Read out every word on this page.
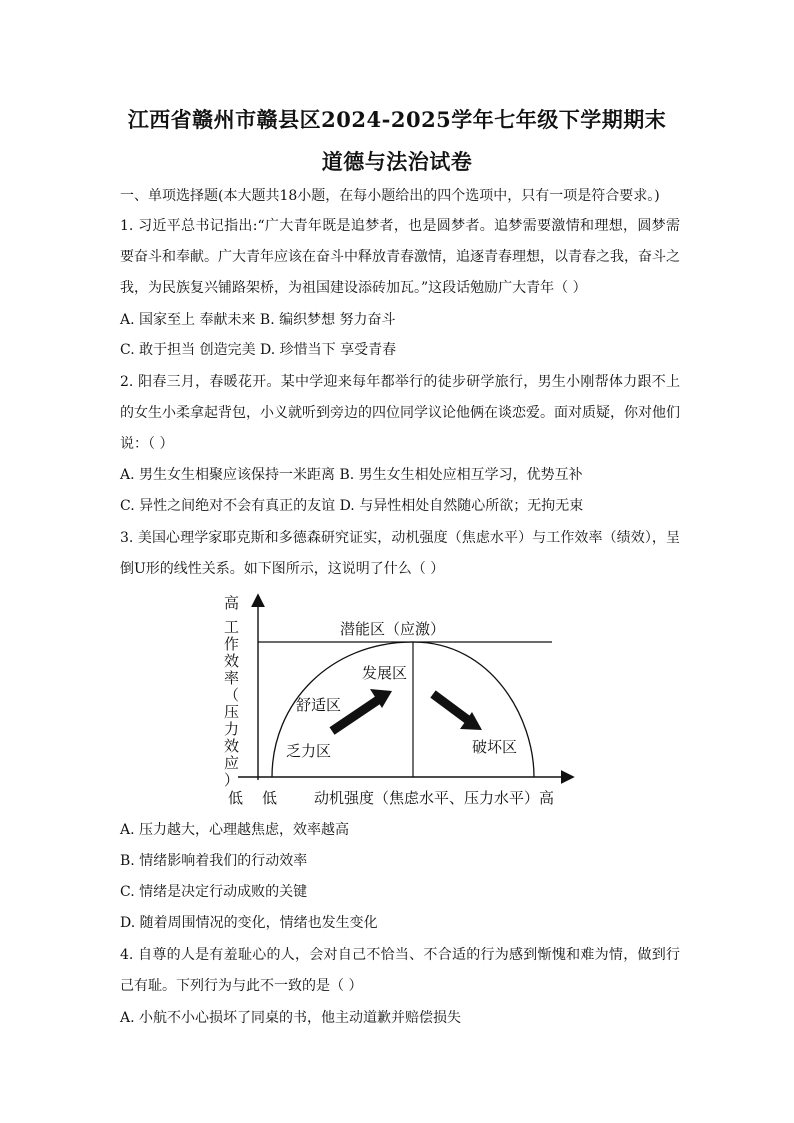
江西省赣州市赣县区2024-2025学年七年级下学期期末
道德与法治试卷
一、单项选择题(本大题共18小题，在每小题给出的四个选项中，只有一项是符合要求。)
1. 习近平总书记指出:“广大青年既是追梦者，也是圆梦者。追梦需要激情和理想，圆梦需
要奋斗和奉献。广大青年应该在奋斗中释放青春激情，追逐青春理想，以青春之我，奋斗之
我，为民族复兴铺路架桥，为祖国建设添砖加瓦。”这段话勉励广大青年（ ）
A. 国家至上 奉献未来 B. 编织梦想 努力奋斗
C. 敢于担当 创造完美 D. 珍惜当下 享受青春
2. 阳春三月，春暖花开。某中学迎来每年都举行的徒步研学旅行，男生小刚帮体力跟不上
的女生小柔拿起背包，小义就听到旁边的四位同学议论他俩在谈恋爱。面对质疑，你对他们
说：（ ）
A. 男生女生相聚应该保持一米距离 B. 男生女生相处应相互学习，优势互补
C. 异性之间绝对不会有真正的友谊 D. 与异性相处自然随心所欲；无拘无束
3. 美国心理学家耶克斯和多德森研究证实，动机强度（焦虑水平）与工作效率（绩效），呈
倒U形的线性关系。如下图所示，这说明了什么（ ）
高
工
作
效
率
（
压
力
效
应
）
低 低 动机强度（焦虑水平、压力水平）高
潜能区（应激）
发展区
舒适区
乏力区	破坏区
A. 压力越大，心理越焦虑，效率越高
B. 情绪影响着我们的行动效率
C. 情绪是决定行动成败的关键
D. 随着周围情况的变化，情绪也发生变化
4. 自尊的人是有羞耻心的人，会对自己不恰当、不合适的行为感到惭愧和难为情，做到行
己有耻。下列行为与此不一致的是（ ）
A. 小航不小心损坏了同桌的书，他主动道歉并赔偿损失
